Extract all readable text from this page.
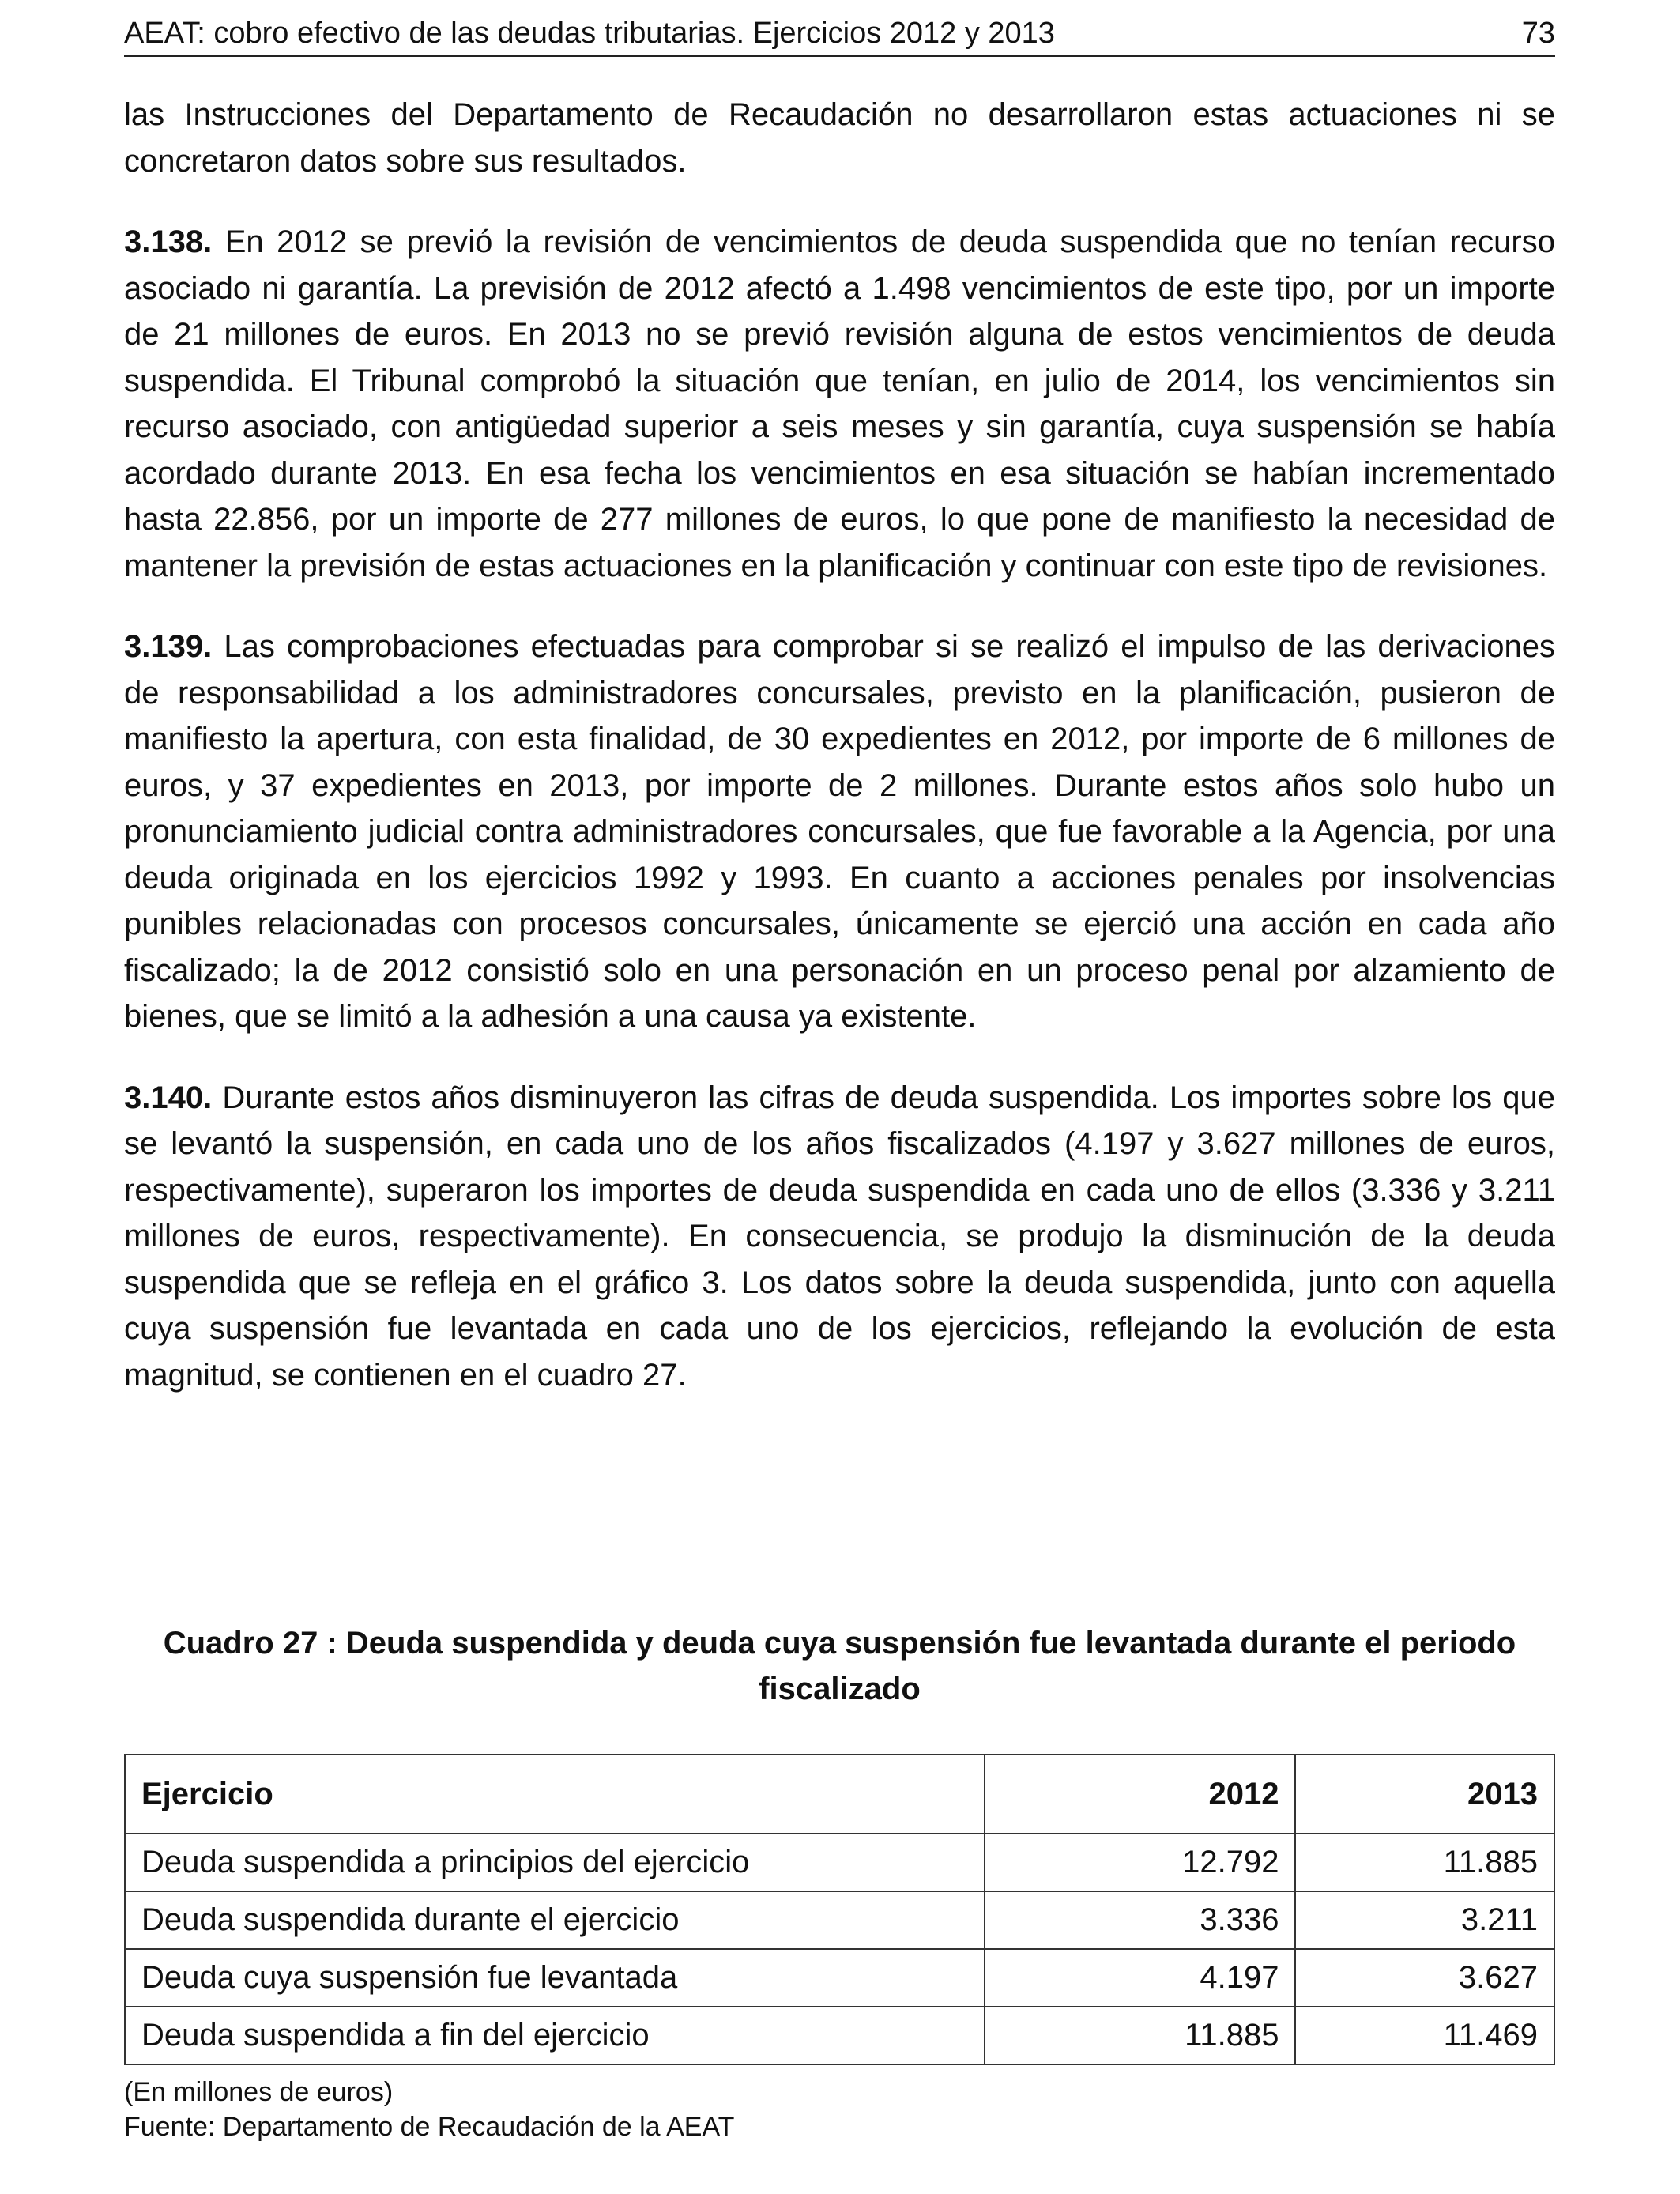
AEAT: cobro efectivo de las deudas tributarias. Ejercicios 2012 y 2013	73

las Instrucciones del Departamento de Recaudación no desarrollaron estas actuaciones ni se concretaron datos sobre sus resultados.

3.138. En 2012 se previó la revisión de vencimientos de deuda suspendida que no tenían recurso asociado ni garantía. La previsión de 2012 afectó a 1.498 vencimientos de este tipo, por un importe de 21 millones de euros. En 2013 no se previó revisión alguna de estos vencimientos de deuda suspendida. El Tribunal comprobó la situación que tenían, en julio de 2014, los vencimientos sin recurso asociado, con antigüedad superior a seis meses y sin garantía, cuya suspensión se había acordado durante 2013. En esa fecha los vencimientos en esa situación se habían incrementado hasta 22.856, por un importe de 277 millones de euros, lo que pone de manifiesto la necesidad de mantener la previsión de estas actuaciones en la planificación y continuar con este tipo de revisiones.

3.139. Las comprobaciones efectuadas para comprobar si se realizó el impulso de las derivaciones de responsabilidad a los administradores concursales, previsto en la planificación, pusieron de manifiesto la apertura, con esta finalidad, de 30 expedientes en 2012, por importe de 6 millones de euros, y 37 expedientes en 2013, por importe de 2 millones. Durante estos años solo hubo un pronunciamiento judicial contra administradores concursales, que fue favorable a la Agencia, por una deuda originada en los ejercicios 1992 y 1993. En cuanto a acciones penales por insolvencias punibles relacionadas con procesos concursales, únicamente se ejerció una acción en cada año fiscalizado; la de 2012 consistió solo en una personación en un proceso penal por alzamiento de bienes, que se limitó a la adhesión a una causa ya existente.

3.140. Durante estos años disminuyeron las cifras de deuda suspendida. Los importes sobre los que se levantó la suspensión, en cada uno de los años fiscalizados (4.197 y 3.627 millones de euros, respectivamente), superaron los importes de deuda suspendida en cada uno de ellos (3.336 y 3.211 millones de euros, respectivamente). En consecuencia, se produjo la disminución de la deuda suspendida que se refleja en el gráfico 3. Los datos sobre la deuda suspendida, junto con aquella cuya suspensión fue levantada en cada uno de los ejercicios, reflejando la evolución de esta magnitud, se contienen en el cuadro 27.

Cuadro 27 : Deuda suspendida y deuda cuya suspensión fue levantada durante el periodo fiscalizado
Ejercicio	2012	2013
Deuda suspendida a principios del ejercicio	12.792	11.885
Deuda suspendida durante el ejercicio	3.336	3.211
Deuda cuya suspensión fue levantada	4.197	3.627
Deuda suspendida a fin del ejercicio	11.885	11.469
(En millones de euros)
Fuente: Departamento de Recaudación de la AEAT
